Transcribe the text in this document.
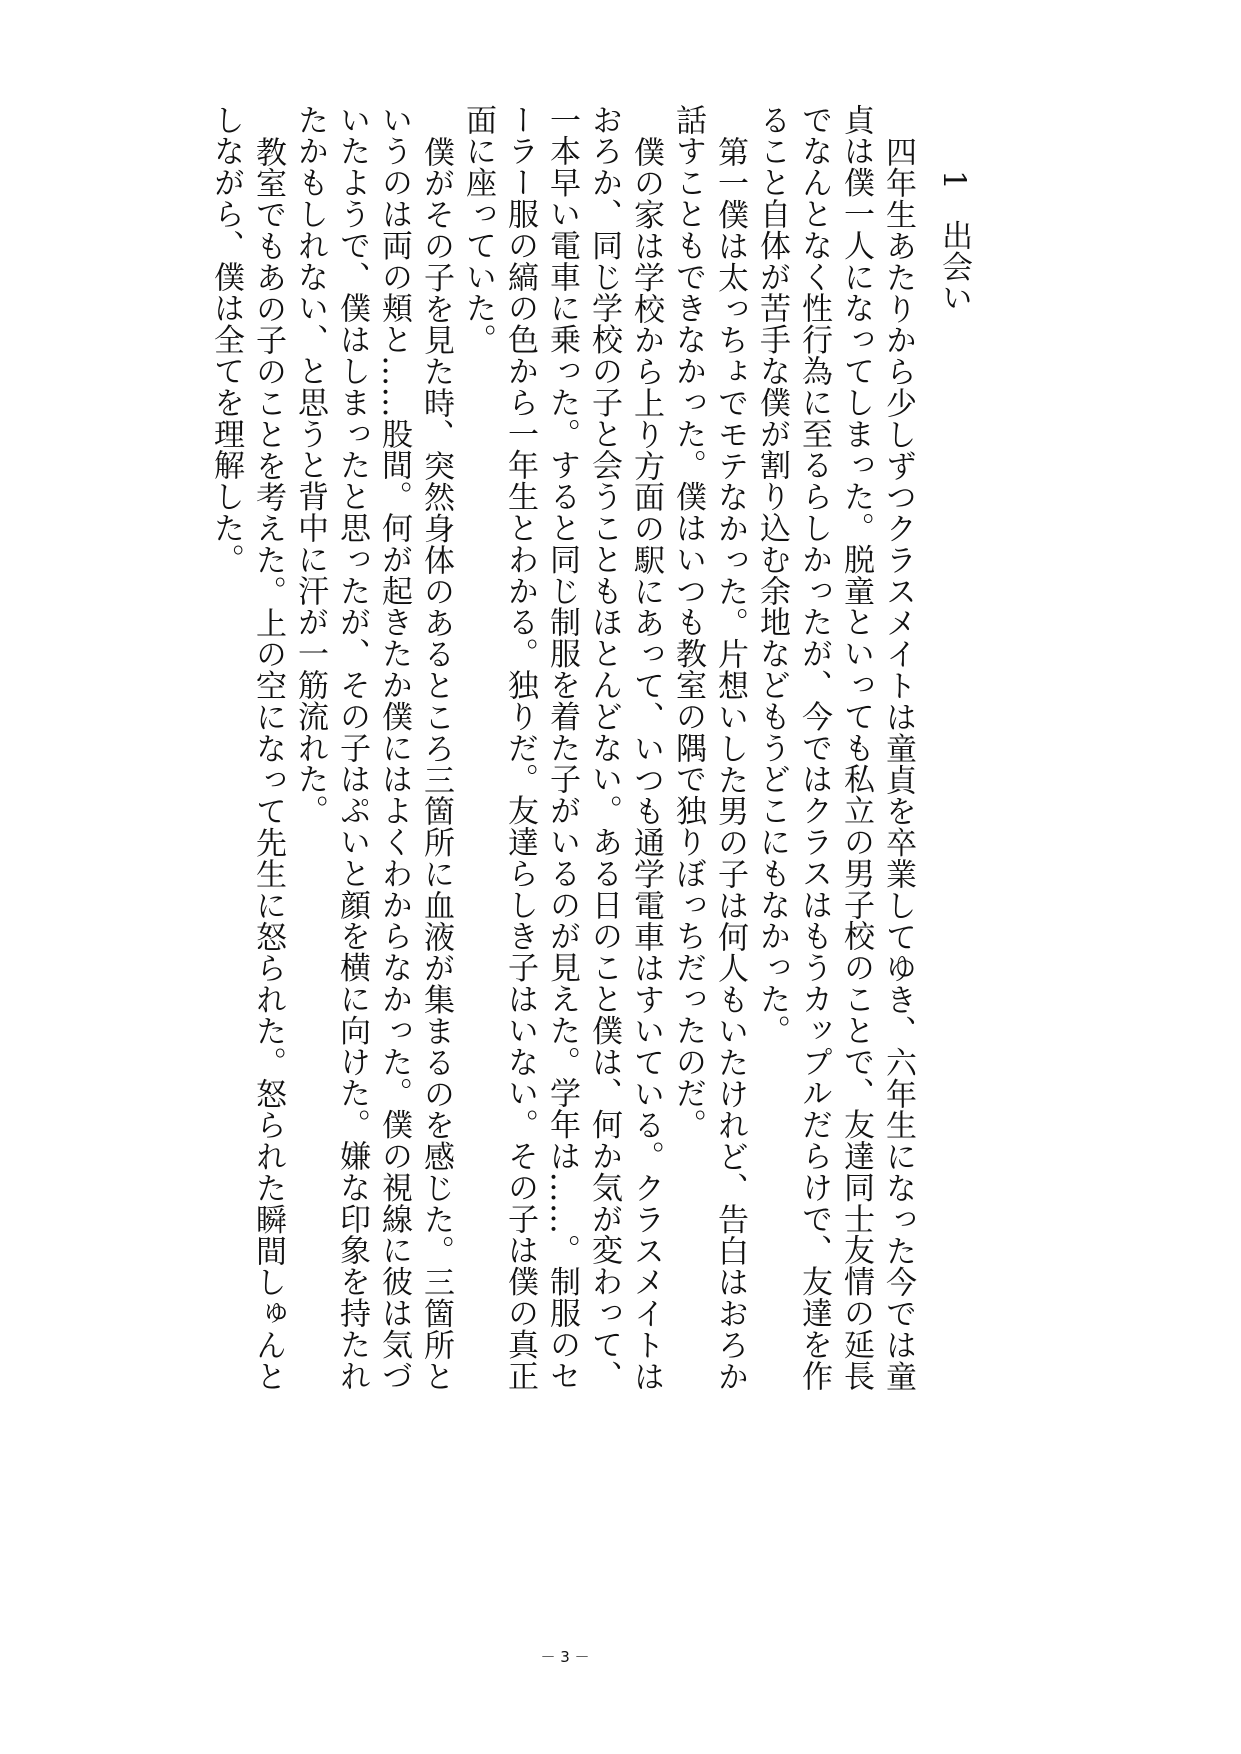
1出会い
四年生あたりから少しずつクラスメイトは童貞を卒業してゆき、六年生になった今では童
貞は僕一人になってしまった。脱童といっても私立の男子校のことで、友達同士友情の延長
でなんとなく性行為に至るらしかったが、今ではクラスはもうカップルだらけで、友達を作
ること自体が苦手な僕が割り込む余地などもうどこにもなかった。
第一僕は太っちょでモテなかった。片想いした男の子は何人もいたけれど、告白はおろか
話すこともできなかった。僕はいつも教室の隅で独りぼっちだったのだ。
僕の家は学校から上り方面の駅にあって、いつも通学電車はすいている。クラスメイトは
おろか、同じ学校の子と会うこともほとんどない。ある日のこと僕は、何か気が変わって、
一本早い電車に乗った。すると同じ制服を着た子がいるのが見えた。学年は……。制服のセ
ーラー服の縞の色から一年生とわかる。独りだ。友達らしき子はいない。その子は僕の真正
面に座っていた。
僕がその子を見た時、突然身体のあるところ三箇所に血液が集まるのを感じた。三箇所と
いうのは両の頬と……股間。何が起きたか僕にはよくわからなかった。僕の視線に彼は気づ
いたようで、僕はしまったと思ったが、その子はぷいと顔を横に向けた。嫌な印象を持たれ
たかもしれない、と思うと背中に汗が一筋流れた。
教室でもあの子のことを考えた。上の空になって先生に怒られた。怒られた瞬間しゅんと
しながら、僕は全てを理解した。
－ 3 －
